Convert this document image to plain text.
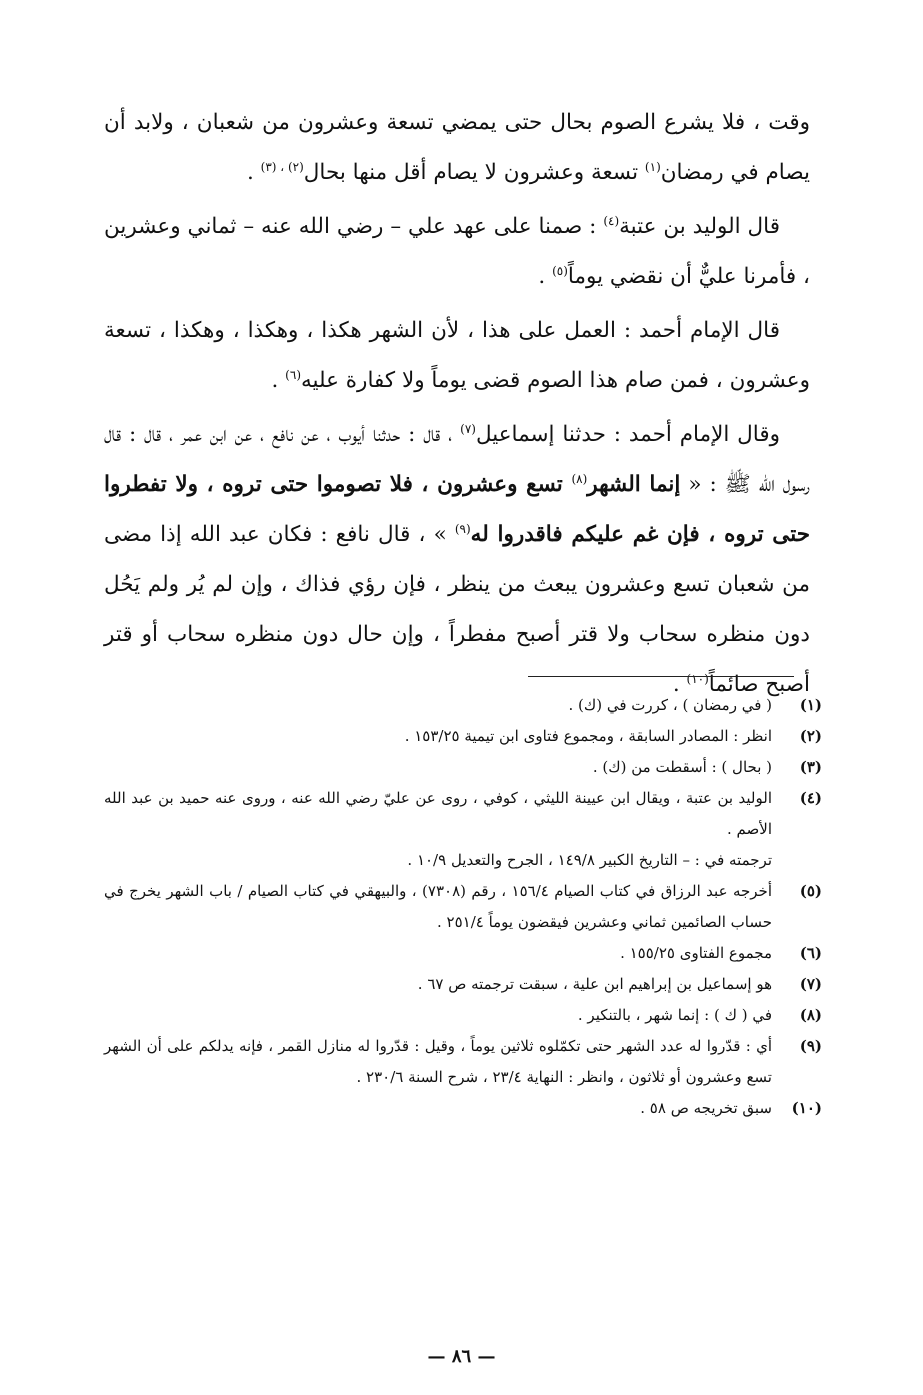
وقت ، فلا يشرع الصوم بحال حتى يمضي تسعة وعشرون من شعبان ، ولابد أن يصام في رمضان$^{(١)}$ تسعة وعشرون لا يصام أقل منها بحال$^{(٢) ، (٣)}$ .

قال الوليد بن عتبة$^{(٤)}$ : صمنا على عهد علي – رضي الله عنه – ثماني وعشرين ، فأمرنا عليٌّ أن نقضي يوماً$^{(٥)}$ .

قال الإمام أحمد : العمل على هذا ، لأن الشهر هكذا ، وهكذا ، وهكذا ، تسعة وعشرون ، فمن صام هذا الصوم قضى يوماً ولا كفارة عليه$^{(٦)}$ .

وقال الإمام أحمد : حدثنا إسماعيل$^{(٧)}$ ، قال : حدثنا أيوب ، عن نافع ، عن ابن عمر ، قال : قال رسول الله ﷺ : « إنما الشهر$^{(٨)}$ تسع وعشرون ، فلا تصوموا حتى تروه ، ولا تفطروا حتى تروه ، فإن غم عليكم فاقدروا له$^{(٩)}$ » ، قال نافع : فكان عبد الله إذا مضى من شعبان تسع وعشرون يبعث من ينظر ، فإن رؤي فذاك ، وإن لم يُر ولم يَحُل دون منظره سحاب ولا قتر أصبح مفطراً ، وإن حال دون منظره سحاب أو قتر أصبح صائماً$^{(١٠)}$ .

(١)
( في رمضان ) ، كررت في (ك) .
(٢)
انظر : المصادر السابقة ، ومجموع فتاوى ابن تيمية ١٥٣/٢٥ .
(٣)
( بحال ) : أسقطت من (ك) .
(٤)
الوليد بن عتبة ، ويقال ابن عيينة الليثي ، كوفي ، روى عن عليّ رضي الله عنه ، وروى عنه حميد بن عبد الله الأصم .
ترجمته في : – التاريخ الكبير ١٤٩/٨ ، الجرح والتعديل ١٠/٩ .
(٥)
أخرجه عبد الرزاق في كتاب الصيام ١٥٦/٤ ، رقم (٧٣٠٨) ، والبيهقي في كتاب الصيام / باب الشهر يخرج في حساب الصائمين ثماني وعشرين فيقضون يوماً ٢٥١/٤ .
(٦)
مجموع الفتاوى ١٥٥/٢٥ .
(٧)
هو إسماعيل بن إبراهيم ابن علية ، سبقت ترجمته ص ٦٧ .
(٨)
في ( ك ) : إنما شهر ، بالتنكير .
(٩)
أي : قدّروا له عدد الشهر حتى تكمّلوه ثلاثين يوماً ، وقيل : قدّروا له منازل القمر ، فإنه يدلكم على أن الشهر تسع وعشرون أو ثلاثون ، وانظر : النهاية ٢٣/٤ ، شرح السنة ٢٣٠/٦ .
(١٠)
سبق تخريجه ص ٥٨ .
— ٨٦ —
